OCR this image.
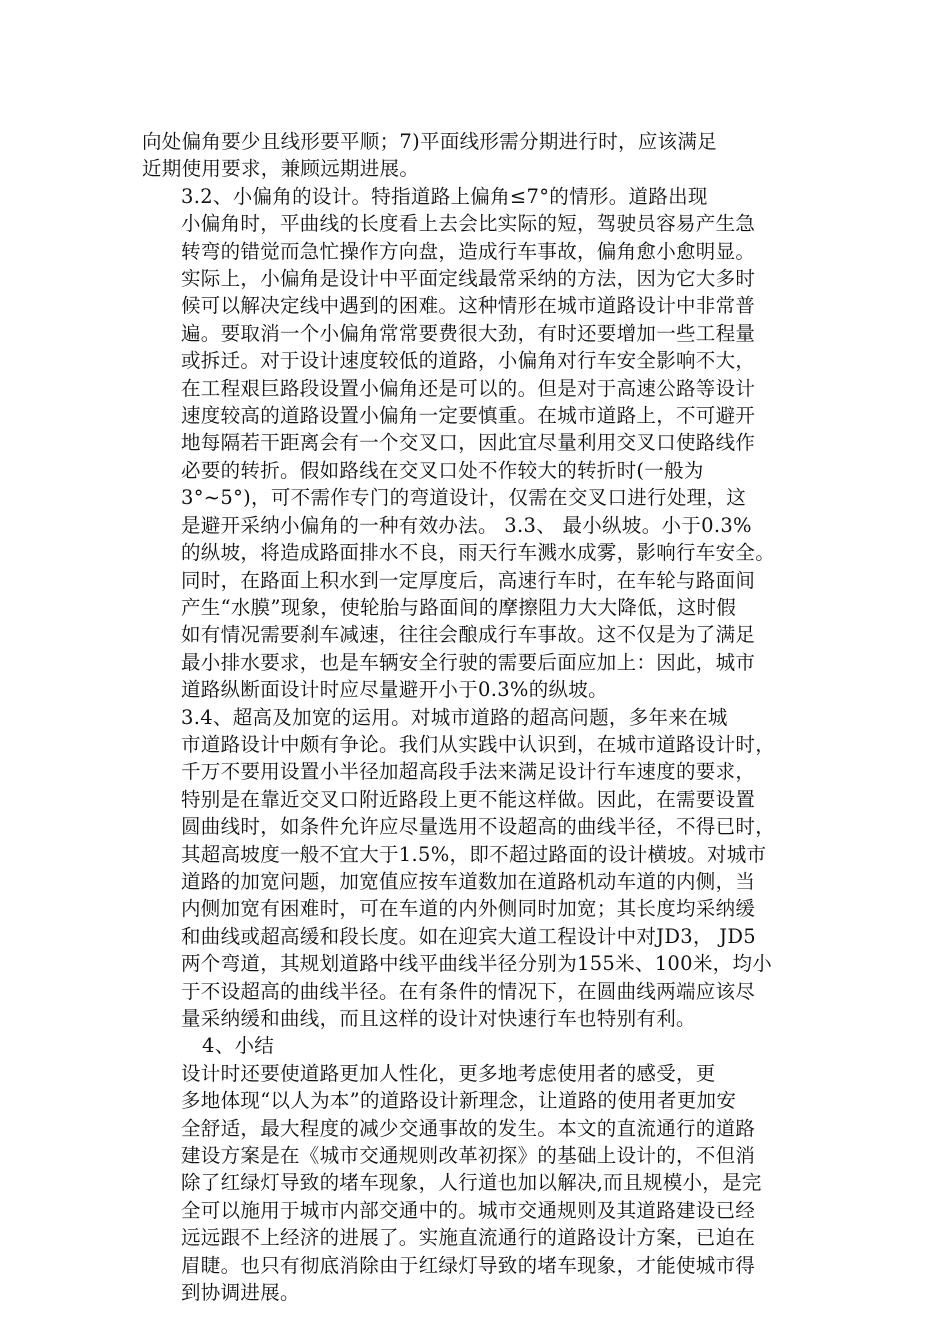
向处偏角要少且线形要平顺；7)平面线形需分期进行时，应该满足
近期使用要求，兼顾远期进展。

3.2、小偏角的设计。特指道路上偏角≤7°的情形。道路出现
小偏角时，平曲线的长度看上去会比实际的短，驾驶员容易产生急
转弯的错觉而急忙操作方向盘，造成行车事故，偏角愈小愈明显。
实际上，小偏角是设计中平面定线最常采纳的方法，因为它大多时
候可以解决定线中遇到的困难。这种情形在城市道路设计中非常普
遍。要取消一个小偏角常常要费很大劲，有时还要增加一些工程量
或拆迁。对于设计速度较低的道路，小偏角对行车安全影响不大，
在工程艰巨路段设置小偏角还是可以的。但是对于高速公路等设计
速度较高的道路设置小偏角一定要慎重。在城市道路上，不可避开
地每隔若干距离会有一个交叉口，因此宜尽量利用交叉口使路线作
必要的转折。假如路线在交叉口处不作较大的转折时(一般为
3°~5°)，可不需作专门的弯道设计，仅需在交叉口进行处理，这
是避开采纳小偏角的一种有效办法。 3.3、 最小纵坡。小于0.3%
的纵坡，将造成路面排水不良，雨天行车溅水成雾，影响行车安全。
同时，在路面上积水到一定厚度后，高速行车时，在车轮与路面间
产生“水膜”现象，使轮胎与路面间的摩擦阻力大大降低，这时假
如有情况需要刹车减速，往往会酿成行车事故。这不仅是为了满足
最小排水要求，也是车辆安全行驶的需要后面应加上：因此，城市
道路纵断面设计时应尽量避开小于0.3%的纵坡。

3.4、超高及加宽的运用。对城市道路的超高问题，多年来在城
市道路设计中颇有争论。我们从实践中认识到，在城市道路设计时，
千万不要用设置小半径加超高段手法来满足设计行车速度的要求，
特别是在靠近交叉口附近路段上更不能这样做。因此，在需要设置
圆曲线时，如条件允许应尽量选用不设超高的曲线半径，不得已时，
其超高坡度一般不宜大于1.5%，即不超过路面的设计横坡。对城市
道路的加宽问题，加宽值应按车道数加在道路机动车道的内侧，当
内侧加宽有困难时，可在车道的内外侧同时加宽；其长度均采纳缓
和曲线或超高缓和段长度。如在迎宾大道工程设计中对JD3， JD5
两个弯道，其规划道路中线平曲线半径分别为155米、100米，均小
于不设超高的曲线半径。在有条件的情况下，在圆曲线两端应该尽
量采纳缓和曲线，而且这样的设计对快速行车也特别有利。

4、小结

设计时还要使道路更加人性化，更多地考虑使用者的感受，更
多地体现“以人为本”的道路设计新理念，让道路的使用者更加安
全舒适，最大程度的减少交通事故的发生。本文的直流通行的道路
建设方案是在《城市交通规则改革初探》的基础上设计的，不但消
除了红绿灯导致的堵车现象，人行道也加以解决,而且规模小，是完
全可以施用于城市内部交通中的。城市交通规则及其道路建设已经
远远跟不上经济的进展了。实施直流通行的道路设计方案，已迫在
眉睫。也只有彻底消除由于红绿灯导致的堵车现象，才能使城市得
到协调进展。
